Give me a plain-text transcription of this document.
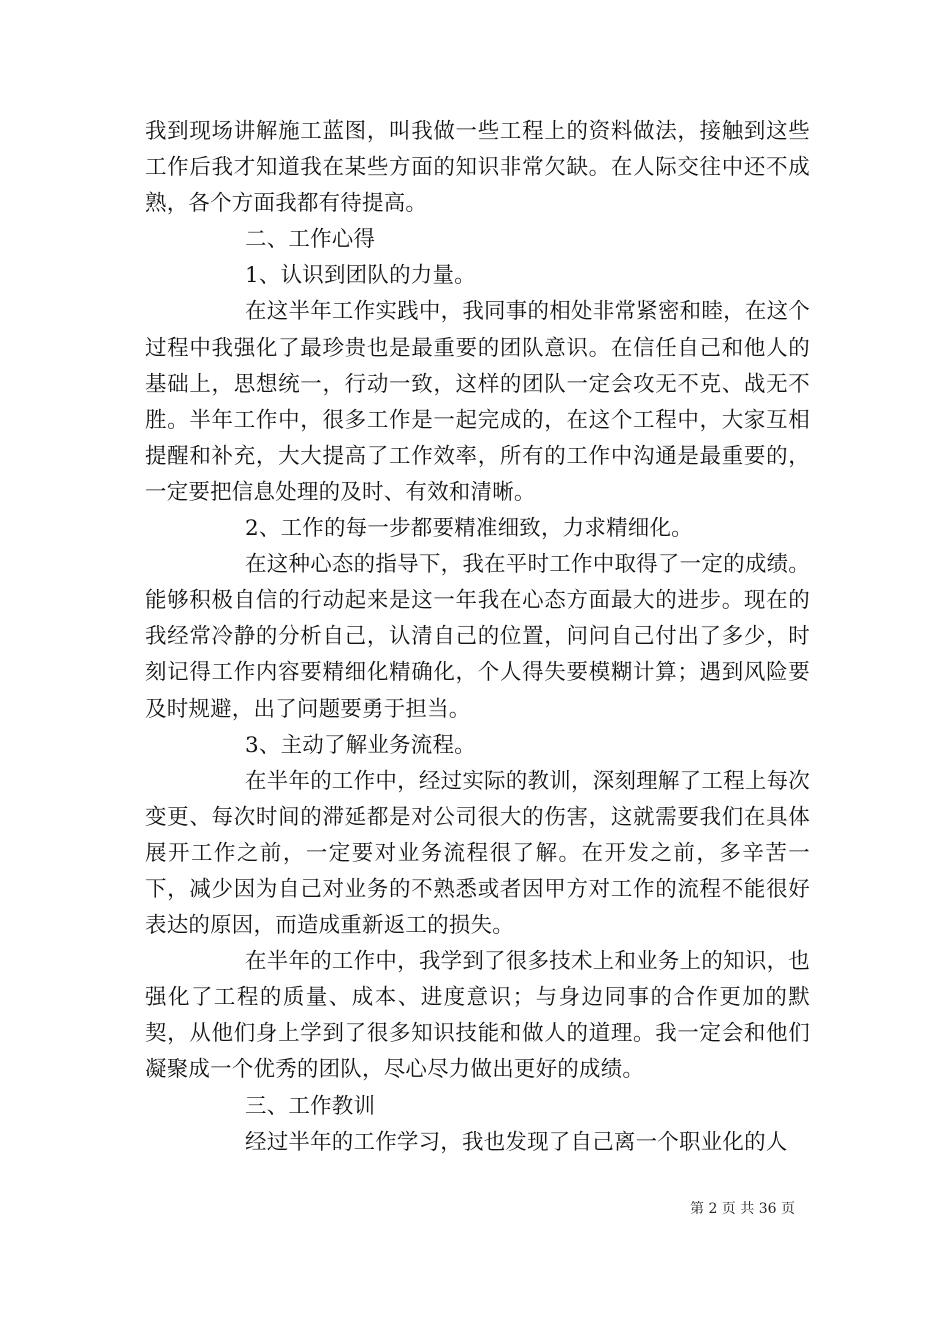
我到现场讲解施工蓝图，叫我做一些工程上的资料做法，接触到这些工作后我才知道我在某些方面的知识非常欠缺。在人际交往中还不成熟，各个方面我都有待提高。

二、工作心得

1、认识到团队的力量。

在这半年工作实践中，我同事的相处非常紧密和睦，在这个过程中我强化了最珍贵也是最重要的团队意识。在信任自己和他人的基础上，思想统一，行动一致，这样的团队一定会攻无不克、战无不胜。半年工作中，很多工作是一起完成的，在这个工程中，大家互相提醒和补充，大大提高了工作效率，所有的工作中沟通是最重要的，一定要把信息处理的及时、有效和清晰。

2、工作的每一步都要精准细致，力求精细化。

在这种心态的指导下，我在平时工作中取得了一定的成绩。能够积极自信的行动起来是这一年我在心态方面最大的进步。现在的我经常冷静的分析自己，认清自己的位置，问问自己付出了多少，时刻记得工作内容要精细化精确化，个人得失要模糊计算；遇到风险要及时规避，出了问题要勇于担当。

3、主动了解业务流程。

在半年的工作中，经过实际的教训，深刻理解了工程上每次变更、每次时间的滞延都是对公司很大的伤害，这就需要我们在具体展开工作之前，一定要对业务流程很了解。在开发之前，多辛苦一下，减少因为自己对业务的不熟悉或者因甲方对工作的流程不能很好表达的原因，而造成重新返工的损失。

在半年的工作中，我学到了很多技术上和业务上的知识，也强化了工程的质量、成本、进度意识；与身边同事的合作更加的默契，从他们身上学到了很多知识技能和做人的道理。我一定会和他们凝聚成一个优秀的团队，尽心尽力做出更好的成绩。

三、工作教训

经过半年的工作学习，我也发现了自己离一个职业化的人

第 2 页 共 36 页
